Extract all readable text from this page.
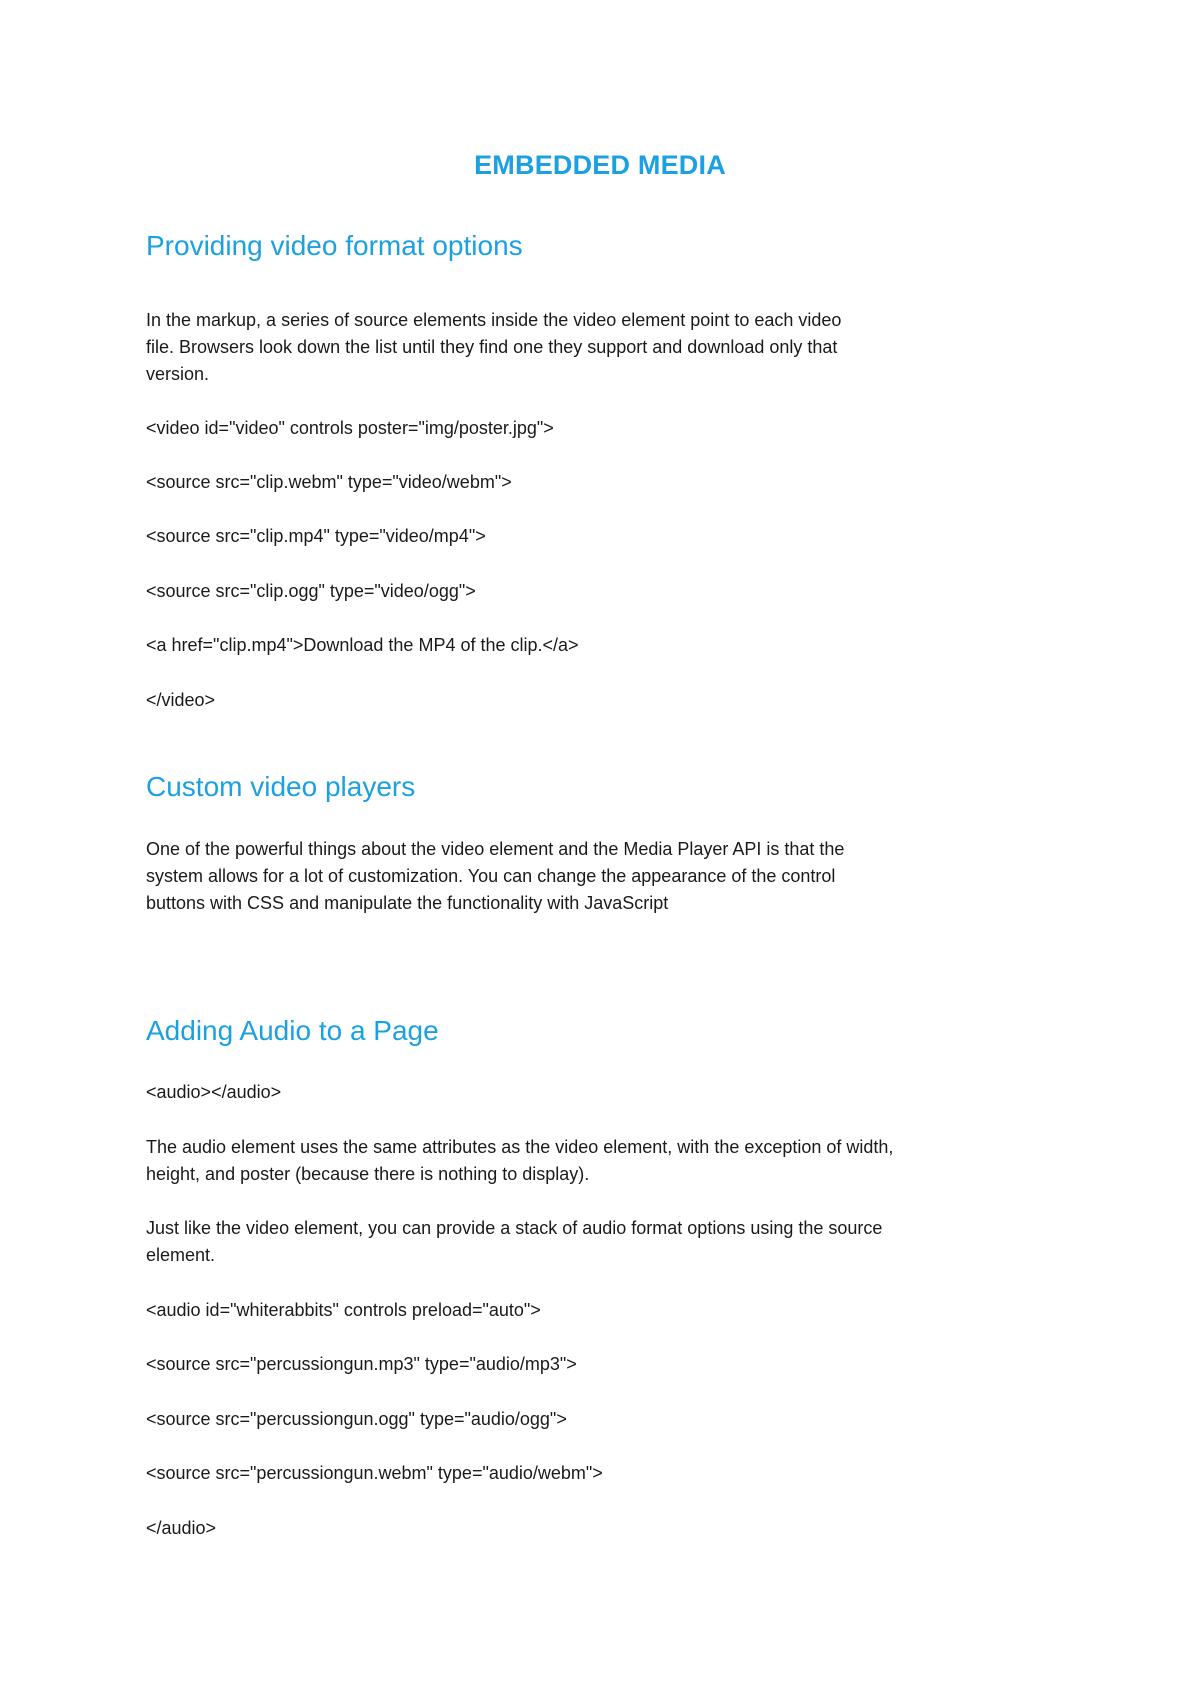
EMBEDDED MEDIA
Providing video format options

In the markup, a series of source elements inside the video element point to each video

file. Browsers look down the list until they find one they support and download only that

version.

<video id="video" controls poster="img/poster.jpg">

<source src="clip.webm" type="video/webm">

<source src="clip.mp4" type="video/mp4">

<source src="clip.ogg" type="video/ogg">

<a href="clip.mp4">Download the MP4 of the clip.</a>

</video>

Custom video players

One of the powerful things about the video element and the Media Player API is that the

system allows for a lot of customization. You can change the appearance of the control

buttons with CSS and manipulate the functionality with JavaScript

Adding Audio to a Page

<audio></audio>

The audio element uses the same attributes as the video element, with the exception of width,

height, and poster (because there is nothing to display).

Just like the video element, you can provide a stack of audio format options using the source

element.

<audio id="whiterabbits" controls preload="auto">

<source src="percussiongun.mp3" type="audio/mp3">

<source src="percussiongun.ogg" type="audio/ogg">

<source src="percussiongun.webm" type="audio/webm">

</audio>
